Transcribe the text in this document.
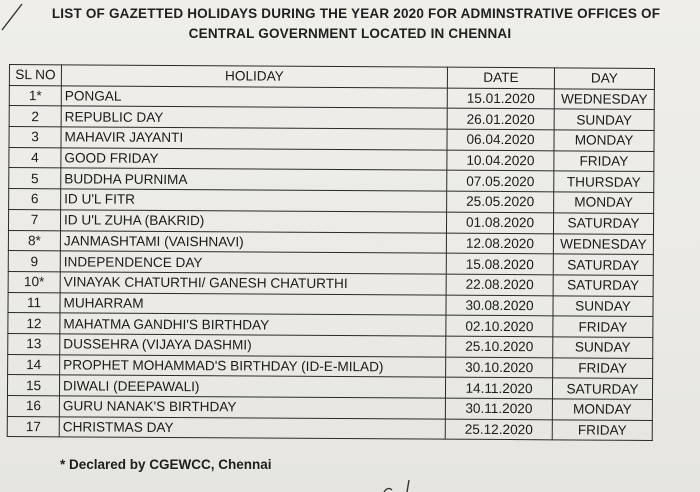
LIST OF GAZETTED HOLIDAYS DURING THE YEAR 2020 FOR ADMINSTRATIVE OFFICES OF
CENTRAL GOVERNMENT LOCATED IN CHENNAI
SL NO	HOLIDAY	DATE	DAY
1*	PONGAL	15.01.2020	WEDNESDAY
2	REPUBLIC DAY	26.01.2020	SUNDAY
3	MAHAVIR JAYANTI	06.04.2020	MONDAY
4	GOOD FRIDAY	10.04.2020	FRIDAY
5	BUDDHA PURNIMA	07.05.2020	THURSDAY
6	ID U'L FITR	25.05.2020	MONDAY
7	ID U'L ZUHA (BAKRID)	01.08.2020	SATURDAY
8*	JANMASHTAMI (VAISHNAVI)	12.08.2020	WEDNESDAY
9	INDEPENDENCE DAY	15.08.2020	SATURDAY
10*	VINAYAK CHATURTHI/ GANESH CHATURTHI	22.08.2020	SATURDAY
11	MUHARRAM	30.08.2020	SUNDAY
12	MAHATMA GANDHI'S BIRTHDAY	02.10.2020	FRIDAY
13	DUSSEHRA (VIJAYA DASHMI)	25.10.2020	SUNDAY
14	PROPHET MOHAMMAD'S BIRTHDAY (ID-E-MILAD)	30.10.2020	FRIDAY
15	DIWALI (DEEPAWALI)	14.11.2020	SATURDAY
16	GURU NANAK'S BIRTHDAY	30.11.2020	MONDAY
17	CHRISTMAS DAY	25.12.2020	FRIDAY
* Declared by CGEWCC, Chennai
